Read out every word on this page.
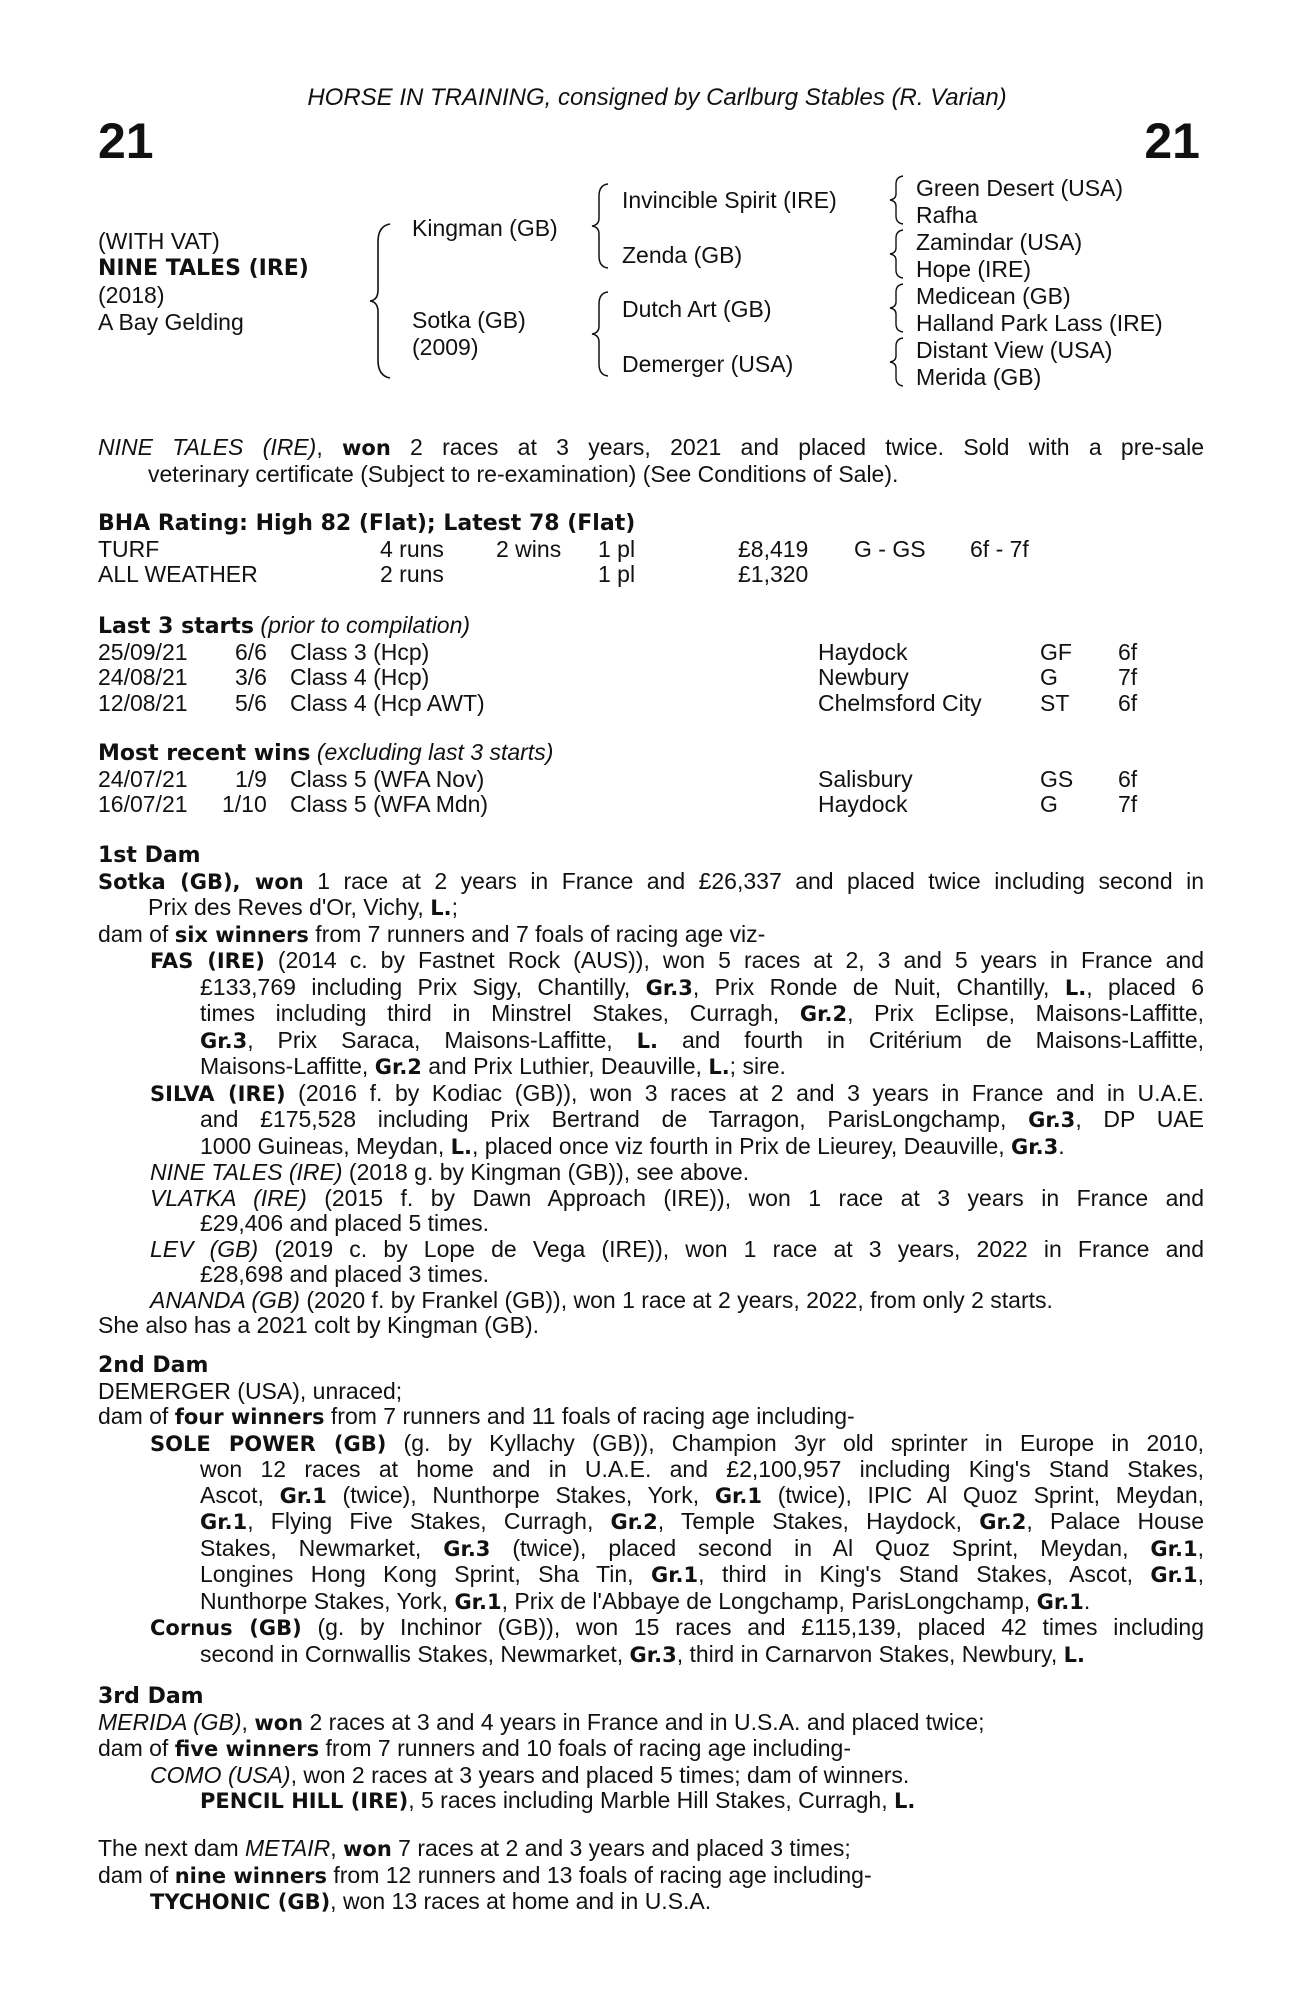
HORSE IN TRAINING, consigned by Carlburg Stables (R. Varian)
21	21
(WITH VAT)
NINE TALES (IRE)
(2018)
A Bay Gelding
Kingman (GB)
Sotka (GB)
(2009)
Invincible Spirit (IRE)
Zenda (GB)
Dutch Art (GB)
Demerger (USA)
Green Desert (USA)
Rafha
Zamindar (USA)
Hope (IRE)
Medicean (GB)
Halland Park Lass (IRE)
Distant View (USA)
Merida (GB)
NINE TALES (IRE), won 2 races at 3 years, 2021 and placed twice. Sold with a pre-sale
veterinary certificate (Subject to re-examination) (See Conditions of Sale).
BHA Rating: High 82 (Flat); Latest 78 (Flat)
TURF	4 runs 2 wins 1 pl	£8,419 G - GS 6f - 7f
ALL WEATHER	2 runs	1 pl	£1,320
Last 3 starts (prior to compilation)
25/09/21 6/6 Class 3 (Hcp)	Haydock	GF 6f
24/08/21 3/6 Class 4 (Hcp)	Newbury	G	7f
12/08/21 5/6 Class 4 (Hcp AWT)	Chelmsford City	ST 6f
Most recent wins (excluding last 3 starts)
24/07/21 1/9 Class 5 (WFA Nov)	Salisbury	GS 6f
16/07/21 1/10 Class 5 (WFA Mdn)	Haydock	G	7f
1st Dam
Sotka (GB), won 1 race at 2 years in France and £26,337 and placed twice including second in
Prix des Reves d'Or, Vichy, L.;
dam of six winners from 7 runners and 7 foals of racing age viz-
FAS (IRE) (2014 c. by Fastnet Rock (AUS)), won 5 races at 2, 3 and 5 years in France and
£133,769 including Prix Sigy, Chantilly, Gr.3, Prix Ronde de Nuit, Chantilly, L., placed 6
times including third in Minstrel Stakes, Curragh, Gr.2, Prix Eclipse, Maisons-Laffitte,
Gr.3, Prix Saraca, Maisons-Laffitte, L. and fourth in Critérium de Maisons-Laffitte,
Maisons-Laffitte, Gr.2 and Prix Luthier, Deauville, L.; sire.
SILVA (IRE) (2016 f. by Kodiac (GB)), won 3 races at 2 and 3 years in France and in U.A.E.
and £175,528 including Prix Bertrand de Tarragon, ParisLongchamp, Gr.3, DP UAE
1000 Guineas, Meydan, L., placed once viz fourth in Prix de Lieurey, Deauville, Gr.3.
NINE TALES (IRE) (2018 g. by Kingman (GB)), see above.
VLATKA (IRE) (2015 f. by Dawn Approach (IRE)), won 1 race at 3 years in France and
£29,406 and placed 5 times.
LEV (GB) (2019 c. by Lope de Vega (IRE)), won 1 race at 3 years, 2022 in France and
£28,698 and placed 3 times.
ANANDA (GB) (2020 f. by Frankel (GB)), won 1 race at 2 years, 2022, from only 2 starts.
She also has a 2021 colt by Kingman (GB).
2nd Dam
DEMERGER (USA), unraced;
dam of four winners from 7 runners and 11 foals of racing age including-
SOLE POWER (GB) (g. by Kyllachy (GB)), Champion 3yr old sprinter in Europe in 2010,
won 12 races at home and in U.A.E. and £2,100,957 including King's Stand Stakes,
Ascot, Gr.1 (twice), Nunthorpe Stakes, York, Gr.1 (twice), IPIC Al Quoz Sprint, Meydan,
Gr.1, Flying Five Stakes, Curragh, Gr.2, Temple Stakes, Haydock, Gr.2, Palace House
Stakes, Newmarket, Gr.3 (twice), placed second in Al Quoz Sprint, Meydan, Gr.1,
Longines Hong Kong Sprint, Sha Tin, Gr.1, third in King's Stand Stakes, Ascot, Gr.1,
Nunthorpe Stakes, York, Gr.1, Prix de l'Abbaye de Longchamp, ParisLongchamp, Gr.1.
Cornus (GB) (g. by Inchinor (GB)), won 15 races and £115,139, placed 42 times including
second in Cornwallis Stakes, Newmarket, Gr.3, third in Carnarvon Stakes, Newbury, L.
3rd Dam
MERIDA (GB), won 2 races at 3 and 4 years in France and in U.S.A. and placed twice;
dam of five winners from 7 runners and 10 foals of racing age including-
COMO (USA), won 2 races at 3 years and placed 5 times; dam of winners.
PENCIL HILL (IRE), 5 races including Marble Hill Stakes, Curragh, L.
The next dam METAIR, won 7 races at 2 and 3 years and placed 3 times;
dam of nine winners from 12 runners and 13 foals of racing age including-
TYCHONIC (GB), won 13 races at home and in U.S.A.
